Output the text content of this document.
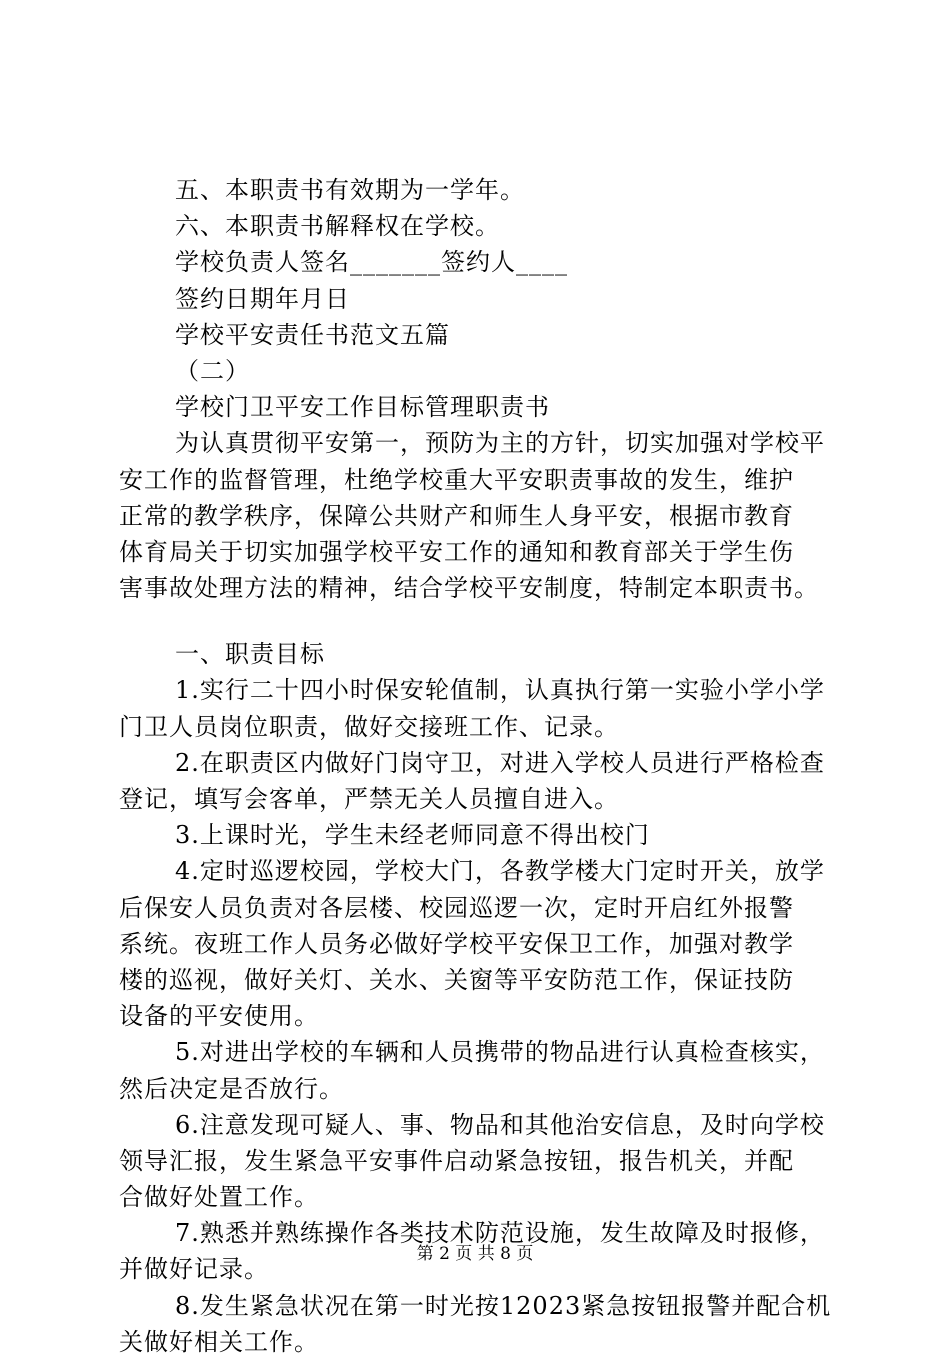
五、本职责书有效期为一学年。
六、本职责书解释权在学校。
学校负责人签名_______签约人____
签约日期年月日
学校平安责任书范文五篇
（二）
学校门卫平安工作目标管理职责书
为认真贯彻平安第一，预防为主的方针，切实加强对学校平
安工作的监督管理，杜绝学校重大平安职责事故的发生，维护
正常的教学秩序，保障公共财产和师生人身平安，根据市教育
体育局关于切实加强学校平安工作的通知和教育部关于学生伤
害事故处理方法的精神，结合学校平安制度，特制定本职责书。
一、职责目标
1.实行二十四小时保安轮值制，认真执行第一实验小学小学
门卫人员岗位职责，做好交接班工作、记录。
2.在职责区内做好门岗守卫，对进入学校人员进行严格检查
登记，填写会客单，严禁无关人员擅自进入。
3.上课时光，学生未经老师同意不得出校门
4.定时巡逻校园，学校大门，各教学楼大门定时开关，放学
后保安人员负责对各层楼、校园巡逻一次，定时开启红外报警
系统。夜班工作人员务必做好学校平安保卫工作，加强对教学
楼的巡视，做好关灯、关水、关窗等平安防范工作，保证技防
设备的平安使用。
5.对进出学校的车辆和人员携带的物品进行认真检查核实，
然后决定是否放行。
6.注意发现可疑人、事、物品和其他治安信息，及时向学校
领导汇报，发生紧急平安事件启动紧急按钮，报告机关，并配
合做好处置工作。
7.熟悉并熟练操作各类技术防范设施，发生故障及时报修，
并做好记录。
8.发生紧急状况在第一时光按12023紧急按钮报警并配合机
关做好相关工作。
第 2 页 共 8 页
